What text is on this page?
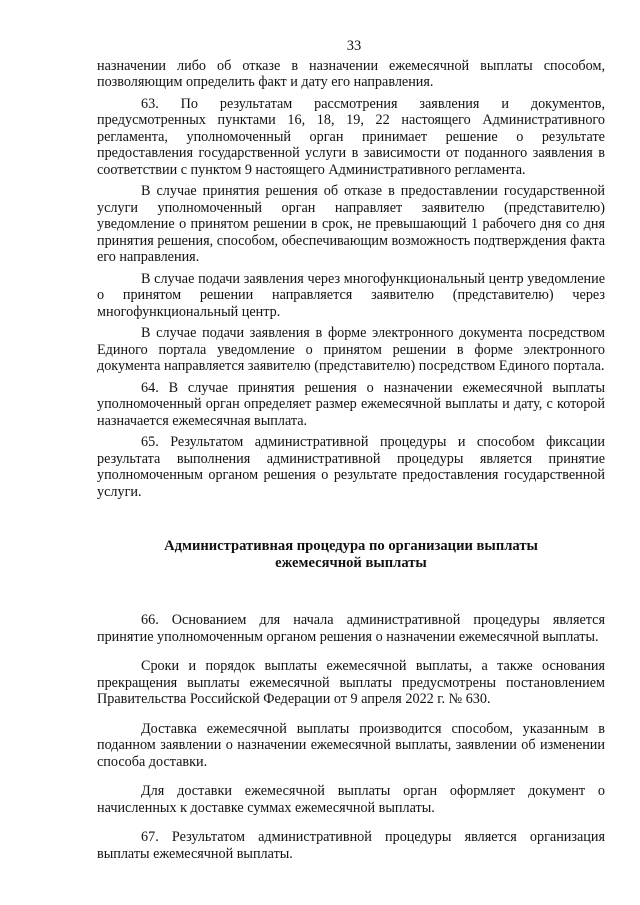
33

назначении либо об отказе в назначении ежемесячной выплаты способом, позволяющим определить факт и дату его направления.

63. По результатам рассмотрения заявления и документов, предусмотренных пунктами 16, 18, 19, 22 настоящего Административного регламента, уполномоченный орган принимает решение о результате предоставления государственной услуги в зависимости от поданного заявления в соответствии с пунктом 9 настоящего Административного регламента.

В случае принятия решения об отказе в предоставлении государственной услуги уполномоченный орган направляет заявителю (представителю) уведомление о принятом решении в срок, не превышающий 1 рабочего дня со дня принятия решения, способом, обеспечивающим возможность подтверждения факта его направления.

В случае подачи заявления через многофункциональный центр уведомление о принятом решении направляется заявителю (представителю) через многофункциональный центр.

В случае подачи заявления в форме электронного документа посредством Единого портала уведомление о принятом решении в форме электронного документа направляется заявителю (представителю) посредством Единого портала.

64. В случае принятия решения о назначении ежемесячной выплаты уполномоченный орган определяет размер ежемесячной выплаты и дату, с которой назначается ежемесячная выплата.

65. Результатом административной процедуры и способом фиксации результата выполнения административной процедуры является принятие уполномоченным органом решения о результате предоставления государственной услуги.

Административная процедура по организации выплаты
ежемесячной выплаты

66. Основанием для начала административной процедуры является принятие уполномоченным органом решения о назначении ежемесячной выплаты.

Сроки и порядок выплаты ежемесячной выплаты, а также основания прекращения выплаты ежемесячной выплаты предусмотрены постановлением Правительства Российской Федерации от 9 апреля 2022 г. № 630.

Доставка ежемесячной выплаты производится способом, указанным в поданном заявлении о назначении ежемесячной выплаты, заявлении об изменении способа доставки.

Для доставки ежемесячной выплаты орган оформляет документ о начисленных к доставке суммах ежемесячной выплаты.

67. Результатом административной процедуры является организация выплаты ежемесячной выплаты.
